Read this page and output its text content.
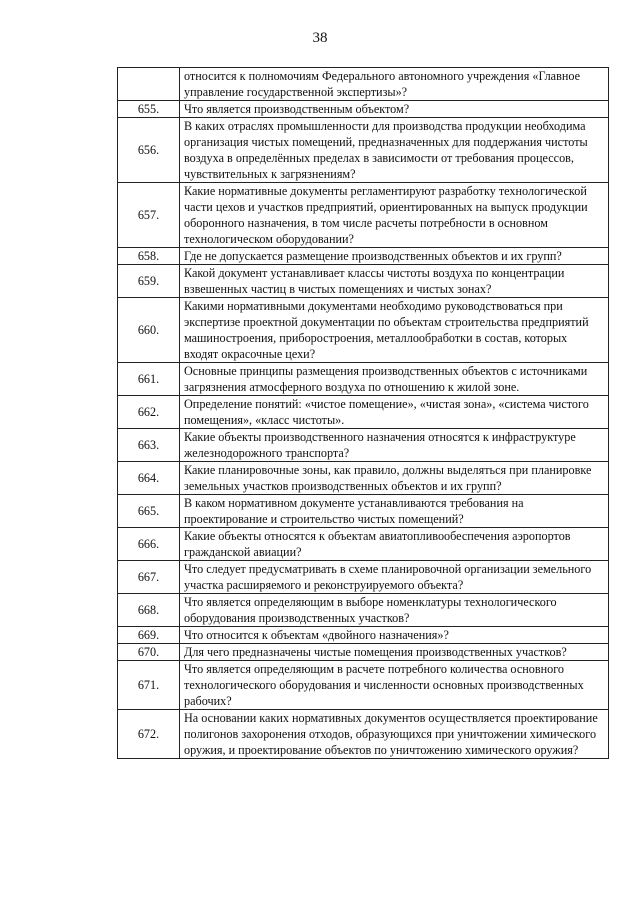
38
	относится к полномочиям Федерального автономного учреждения «Главное управление государственной экспертизы»?
655.	Что является производственным объектом?
656.	В каких отраслях промышленности для производства продукции необходима организация чистых помещений, предназначенных для поддержания чистоты воздуха в определённых пределах в зависимости от требования процессов, чувствительных к загрязнениям?
657.	Какие нормативные документы регламентируют разработку технологической части цехов и участков предприятий, ориентированных на выпуск продукции оборонного назначения, в том числе расчеты потребности в основном технологическом оборудовании?
658.	Где не допускается размещение производственных объектов и их групп?
659.	Какой документ устанавливает классы чистоты воздуха по концентрации взвешенных частиц в чистых помещениях и чистых зонах?
660.	Какими нормативными документами необходимо руководствоваться при экспертизе проектной документации по объектам строительства предприятий машиностроения, приборостроения, металлообработки в состав, которых входят окрасочные цехи?
661.	Основные принципы размещения производственных объектов с источниками загрязнения атмосферного воздуха по отношению к жилой зоне.
662.	Определение понятий: «чистое помещение», «чистая зона», «система чистого помещения», «класс чистоты».
663.	Какие объекты производственного назначения относятся к инфраструктуре железнодорожного транспорта?
664.	Какие планировочные зоны, как правило, должны выделяться при планировке земельных участков производственных объектов и их групп?
665.	В каком нормативном документе устанавливаются требования на проектирование и строительство чистых помещений?
666.	Какие объекты относятся к объектам авиатопливообеспечения аэропортов гражданской авиации?
667.	Что следует предусматривать в схеме планировочной организации земельного участка расширяемого и реконструируемого объекта?
668.	Что является определяющим в выборе номенклатуры технологического оборудования производственных участков?
669.	Что относится к объектам «двойного назначения»?
670.	Для чего предназначены чистые помещения производственных участков?
671.	Что является определяющим в расчете потребного количества основного технологического оборудования и численности основных производственных рабочих?
672.	На основании каких нормативных документов осуществляется проектирование полигонов захоронения отходов, образующихся при уничтожении химического оружия, и проектирование объектов по уничтожению химического оружия?
